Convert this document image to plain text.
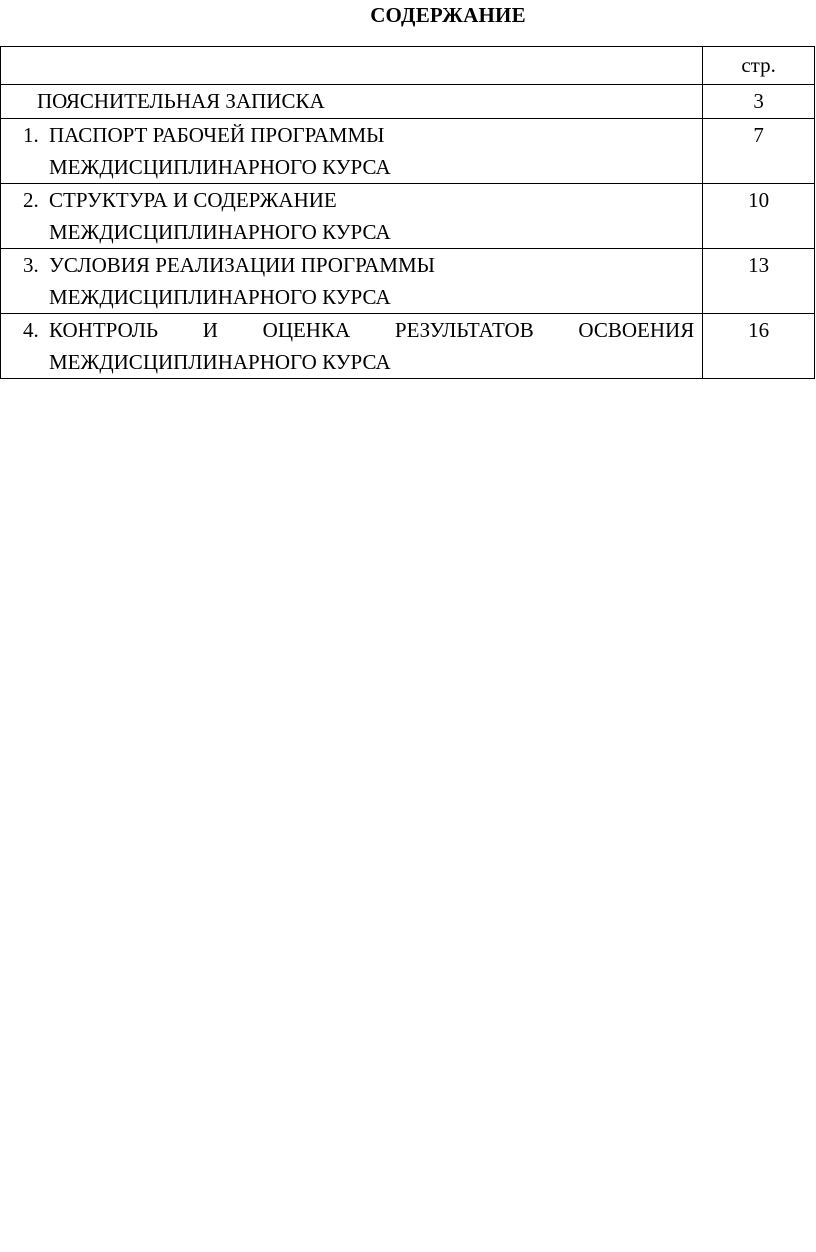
СОДЕРЖАНИЕ
	стр.
ПОЯСНИТЕЛЬНАЯ ЗАПИСКА	3

1. ПАСПОРТ РАБОЧЕЙ ПРОГРАММЫ
МЕЖДИСЦИПЛИНАРНОГО КУРСА	7

2. СТРУКТУРА И СОДЕРЖАНИЕ
МЕЖДИСЦИПЛИНАРНОГО КУРСА	10

3. УСЛОВИЯ РЕАЛИЗАЦИИ ПРОГРАММЫ
МЕЖДИСЦИПЛИНАРНОГО КУРСА	13

4. КОНТРОЛЬ И ОЦЕНКА РЕЗУЛЬТАТОВ ОСВОЕНИЯ
МЕЖДИСЦИПЛИНАРНОГО КУРСА	16
